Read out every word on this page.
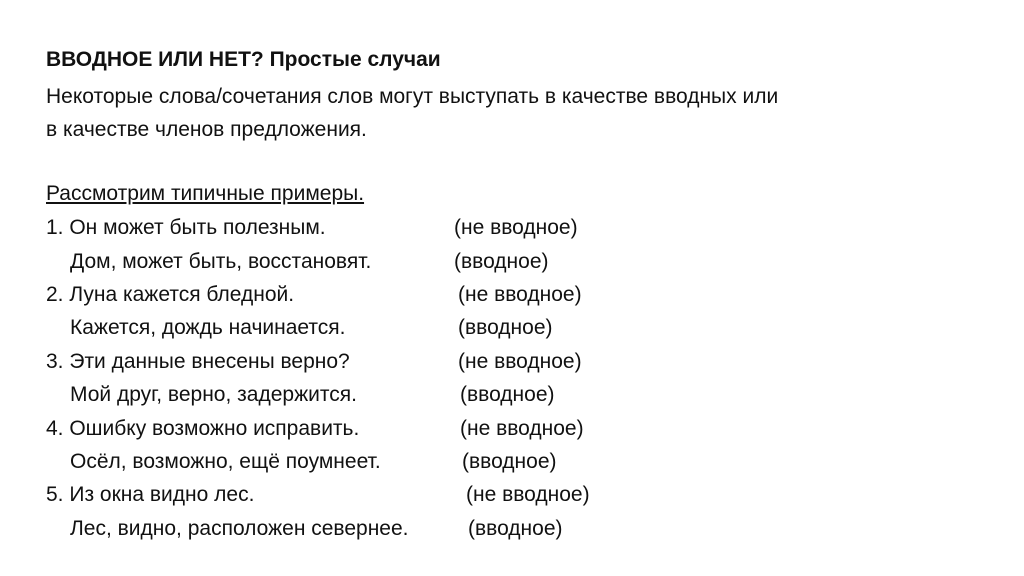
ВВОДНОЕ ИЛИ НЕТ? Простые случаи
Некоторые слова/сочетания слов могут выступать в качестве вводных или
в качестве членов предложения.
Рассмотрим типичные примеры.
1. Он может быть полезным.	(не вводное)
Дом, может быть, восстановят.	(вводное)
2. Луна кажется бледной.	(не вводное)
Кажется, дождь начинается.	(вводное)
3. Эти данные внесены верно?	(не вводное)
Мой друг, верно, задержится.	(вводное)
4. Ошибку возможно исправить.	(не вводное)
Осёл, возможно, ещё поумнеет.	(вводное)
5. Из окна видно лес.	(не вводное)
Лес, видно, расположен севернее.	(вводное)
